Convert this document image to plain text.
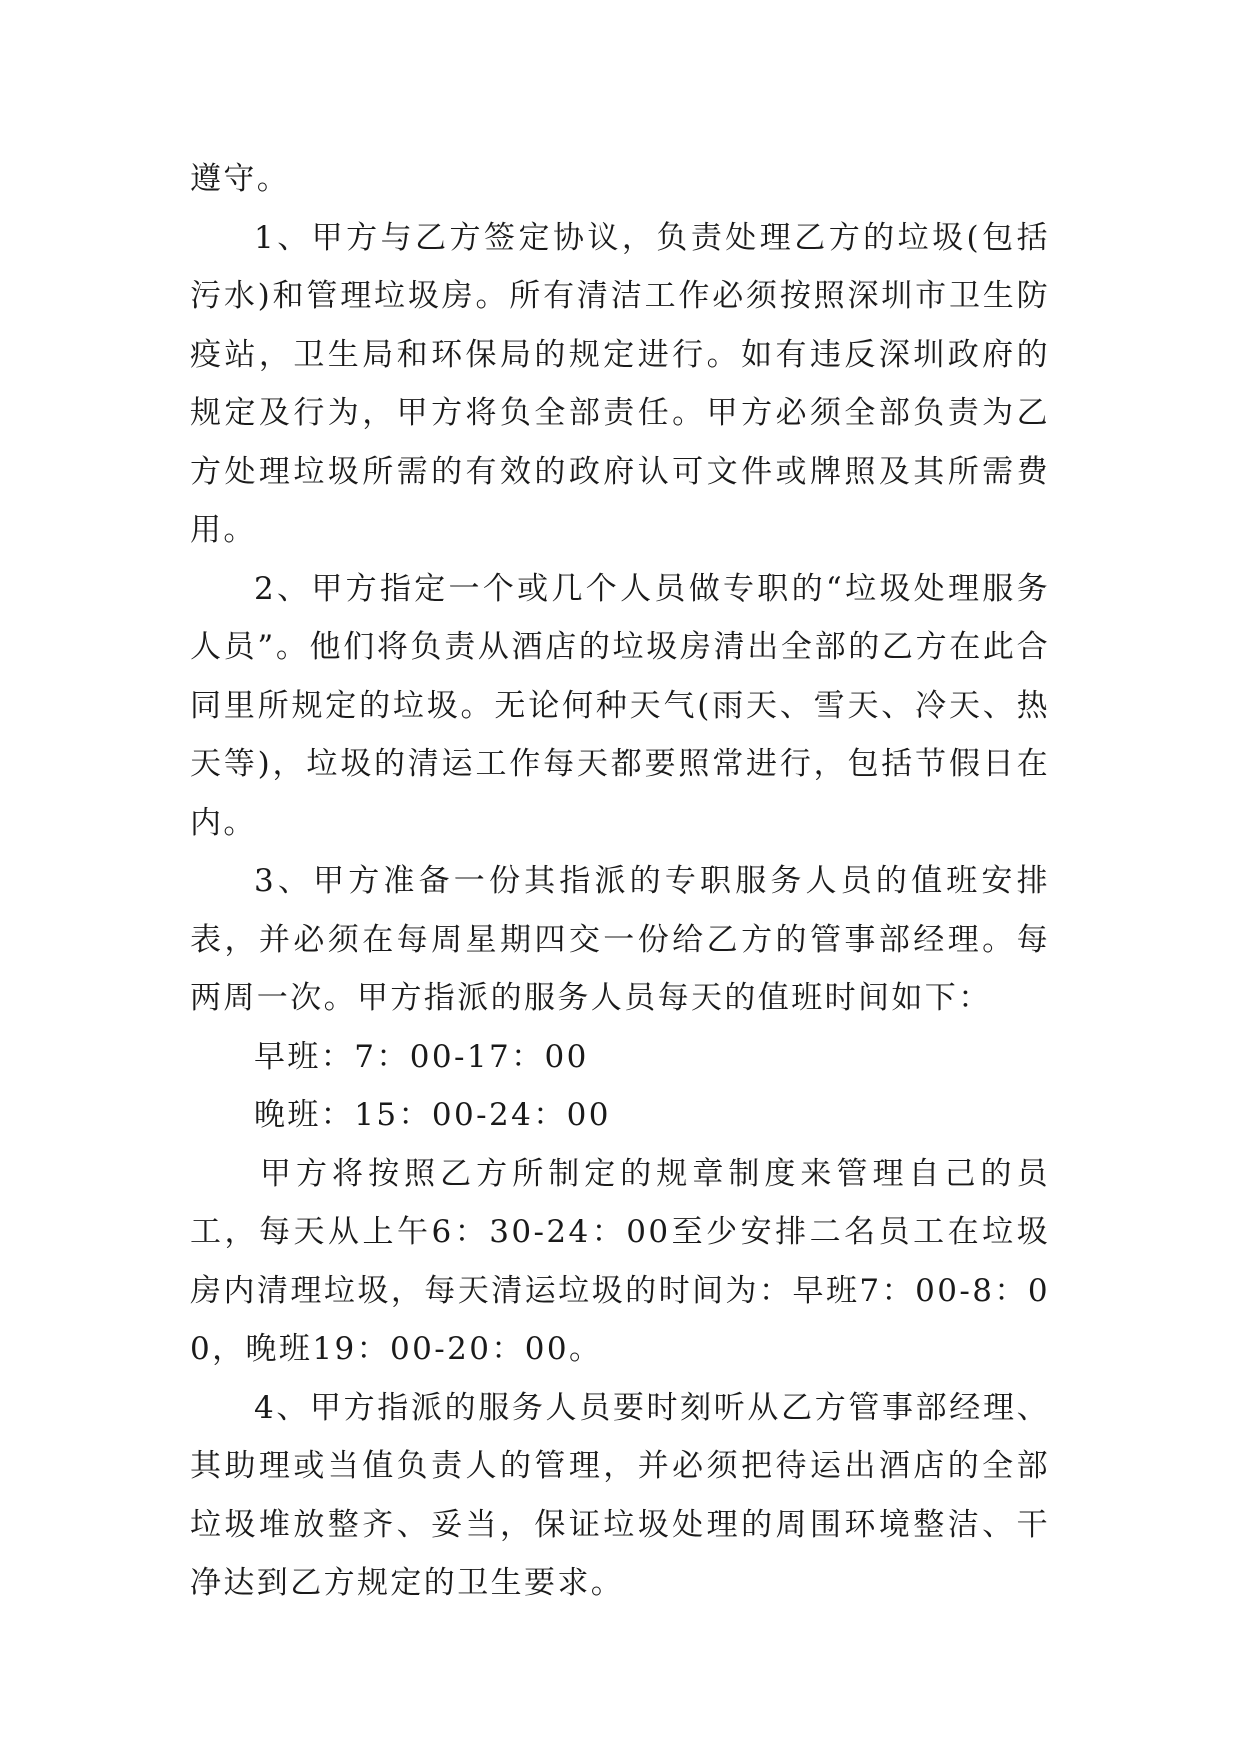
遵守。

1、甲方与乙方签定协议，负责处理乙方的垃圾(包括污水)和管理垃圾房。所有清洁工作必须按照深圳市卫生防疫站，卫生局和环保局的规定进行。如有违反深圳政府的规定及行为，甲方将负全部责任。甲方必须全部负责为乙方处理垃圾所需的有效的政府认可文件或牌照及其所需费用。

2、甲方指定一个或几个人员做专职的“垃圾处理服务人员”。他们将负责从酒店的垃圾房清出全部的乙方在此合同里所规定的垃圾。无论何种天气(雨天、雪天、冷天、热天等)，垃圾的清运工作每天都要照常进行，包括节假日在内。

3、甲方准备一份其指派的专职服务人员的值班安排表，并必须在每周星期四交一份给乙方的管事部经理。每两周一次。甲方指派的服务人员每天的值班时间如下：

早班：7：00-17：00

晚班：15：00-24：00

甲方将按照乙方所制定的规章制度来管理自己的员工，每天从上午6：30-24：00至少安排二名员工在垃圾房内清理垃圾，每天清运垃圾的时间为：早班7：00-8：00，晚班19：00-20：00。

4、甲方指派的服务人员要时刻听从乙方管事部经理、其助理或当值负责人的管理，并必须把待运出酒店的全部垃圾堆放整齐、妥当，保证垃圾处理的周围环境整洁、干净达到乙方规定的卫生要求。
